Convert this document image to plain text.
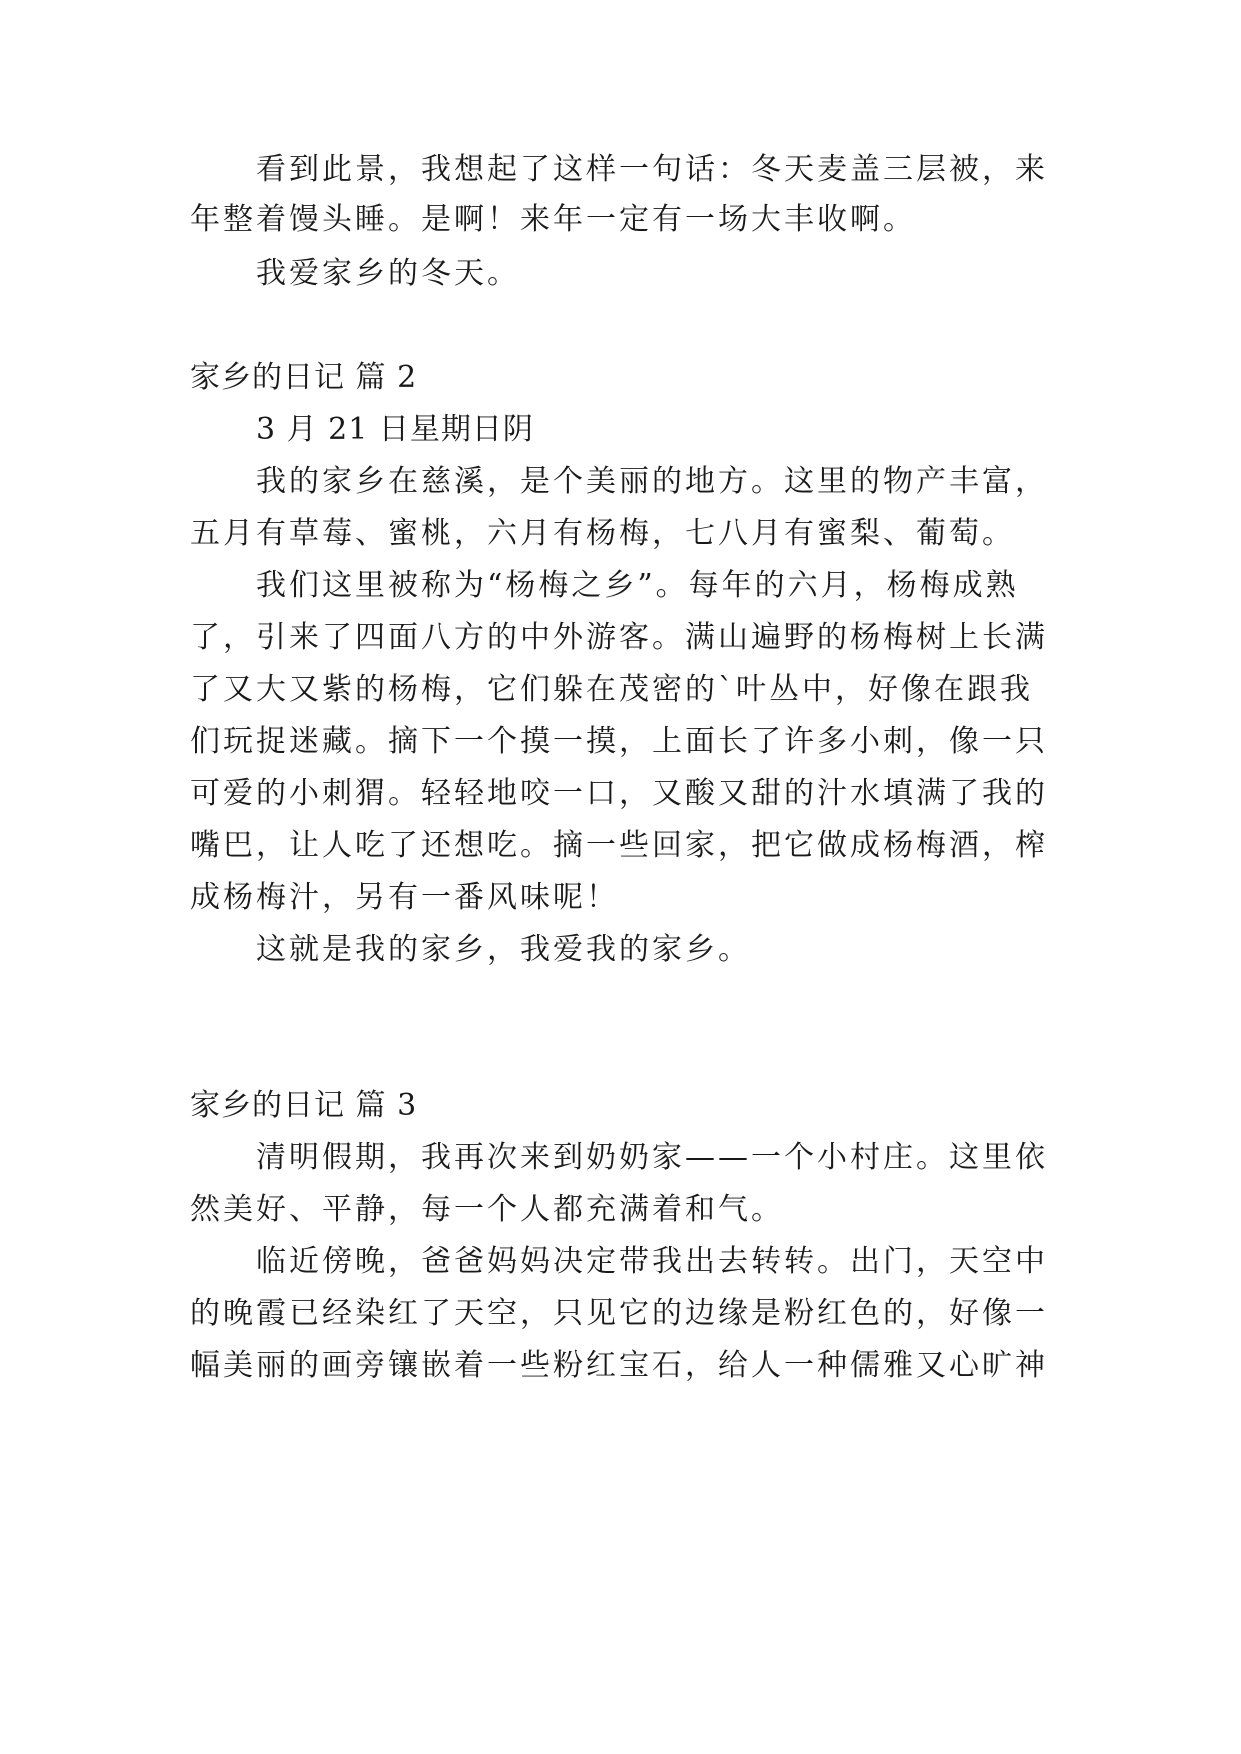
看到此景，我想起了这样一句话：冬天麦盖三层被，来
年整着馒头睡。是啊！来年一定有一场大丰收啊。
我爱家乡的冬天。
家乡的日记 篇 2
3 月 21 日星期日阴
我的家乡在慈溪，是个美丽的地方。这里的物产丰富，
五月有草莓、蜜桃，六月有杨梅，七八月有蜜梨、葡萄。
我们这里被称为“杨梅之乡”。每年的六月，杨梅成熟
了，引来了四面八方的中外游客。满山遍野的杨梅树上长满
了又大又紫的杨梅，它们躲在茂密的`叶丛中，好像在跟我
们玩捉迷藏。摘下一个摸一摸，上面长了许多小刺，像一只
可爱的小刺猬。轻轻地咬一口，又酸又甜的汁水填满了我的
嘴巴，让人吃了还想吃。摘一些回家，把它做成杨梅酒，榨
成杨梅汁，另有一番风味呢！
这就是我的家乡，我爱我的家乡。
家乡的日记 篇 3
清明假期，我再次来到奶奶家——一个小村庄。这里依
然美好、平静，每一个人都充满着和气。
临近傍晚，爸爸妈妈决定带我出去转转。出门，天空中
的晚霞已经染红了天空，只见它的边缘是粉红色的，好像一
幅美丽的画旁镶嵌着一些粉红宝石，给人一种儒雅又心旷神
